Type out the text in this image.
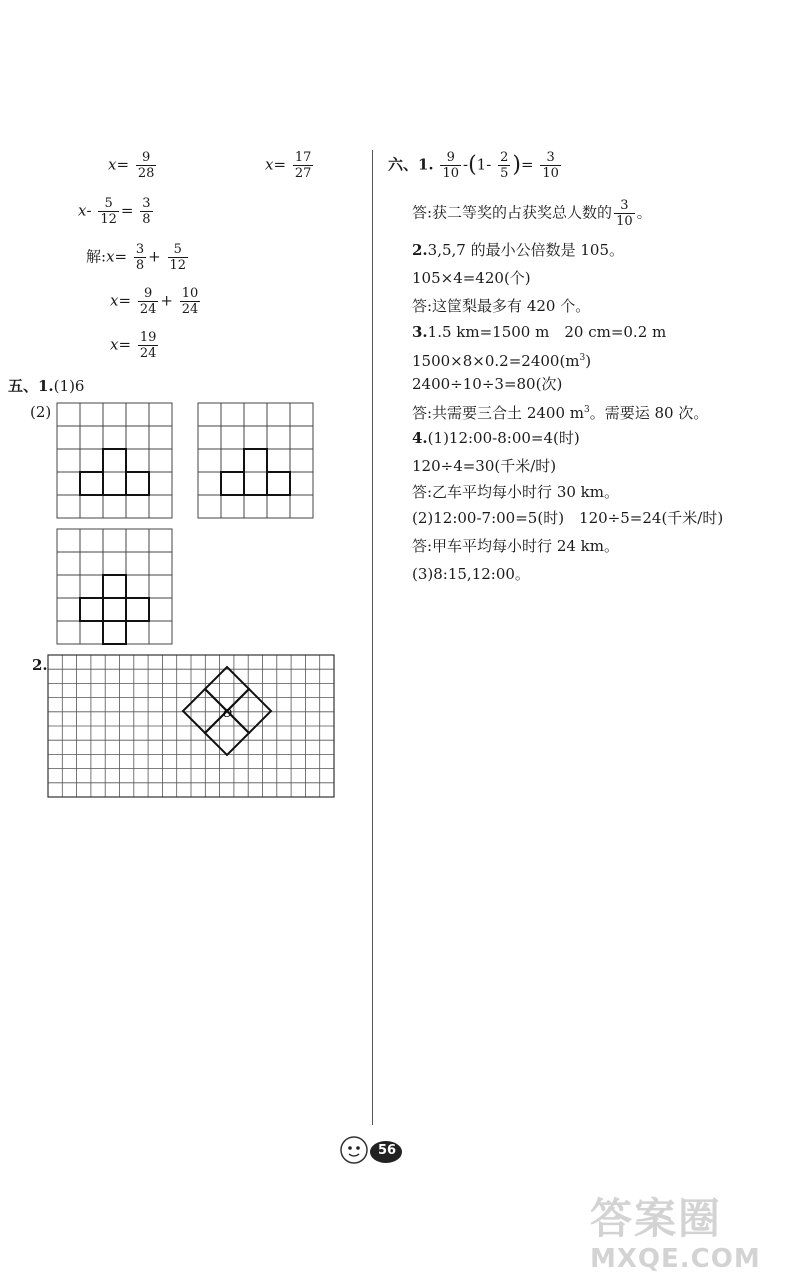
$x= \frac{9}{28}$	$x= \frac{17}{27}$
$x- \frac{5}{12} = \frac{3}{8}$
解:x= $\frac{3}{8} + \frac{5}{12}$
$x= \frac{9}{24} + \frac{10}{24}$
$x= \frac{19}{24}$
五、1.(1)6
(2)
2.
O
六、1. $\frac{9}{10} -(1- \frac{2}{5}$ )= $\frac{3}{10}$
答:获二等奖的占获奖总人数的 $\frac{3}{10}$ 。
2.3,5,7 的最小公倍数是 105。
105×4=420(个)
答:这筐梨最多有 420 个。
3.1.5 km=1500 m　20 cm=0.2 m
$1500\times 8\times 0.2=2400(m^3)$
2400÷10÷3=80(次)
答:共需要三合土 2400 $m^3$。需要运 80 次。
4.(1)12:00-8:00=4(时)
120÷4=30(千米/时)
答:乙车平均每小时行 30 km。
(2)12:00-7:00=5(时)　120÷5=24(千米/时)
答:甲车平均每小时行 24 km。
(3)8:15,12:00。
56
答案圈
MXQE.COM
